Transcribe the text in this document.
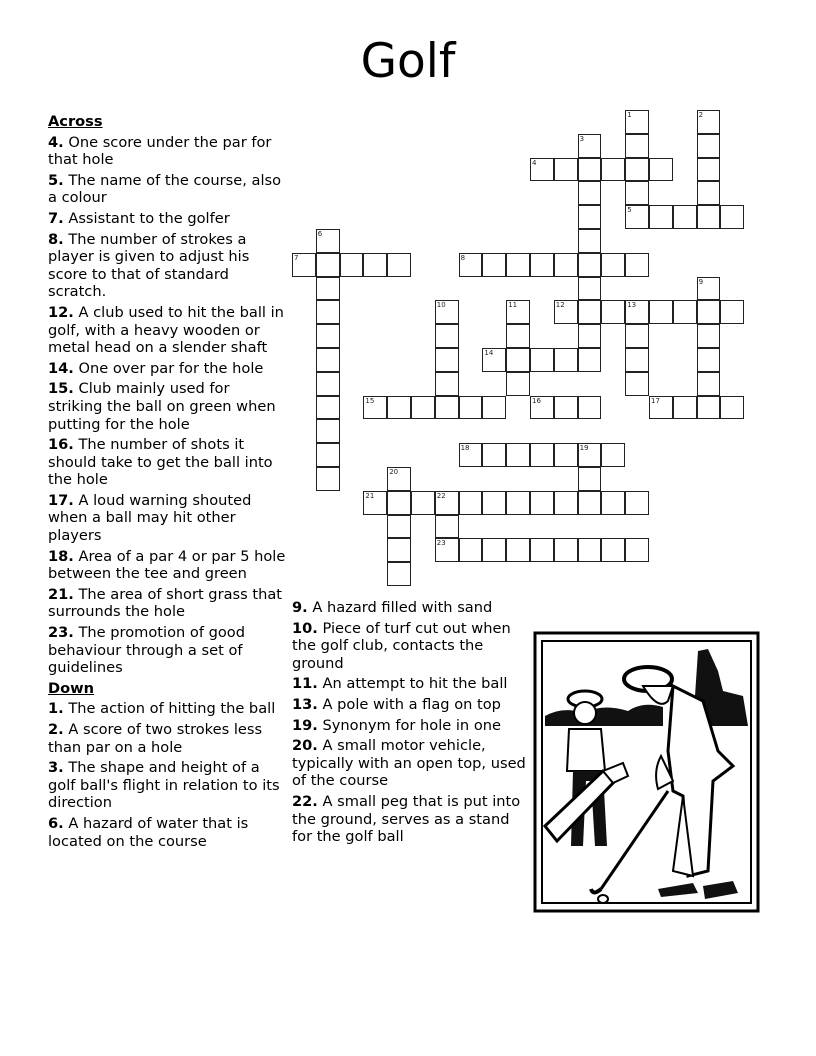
Golf
Across
4. One score under the par for that hole
5. The name of the course, also a colour
7. Assistant to the golfer
8. The number of strokes a player is given to adjust his score to that of standard scratch.
12. A club used to hit the ball in golf, with a heavy wooden or metal head on a slender shaft
14. One over par for the hole
15. Club mainly used for striking the ball on green when putting for the hole
16. The number of shots it should take to get the ball into the hole
17. A loud warning shouted when a ball may hit other players
18. Area of a par 4 or par 5 hole between the tee and green
21. The area of short grass that surrounds the hole
23. The promotion of good behaviour through a set of guidelines
Down
1. The action of hitting the ball
2. A score of two strokes less than par on a hole
3. The shape and height of a golf ball's flight in relation to its direction
6. A hazard of water that is located on the course
9. A hazard filled with sand
10. Piece of turf cut out when the golf club, contacts the ground
11. An attempt to hit the ball
13. A pole with a flag on top
19. Synonym for hole in one
20. A small motor vehicle, typically with an open top, used of the course
22. A small peg that is put into the ground, serves as a stand for the golf ball
1
5
2
3
4
6
7	8
9
10	11	12	13
14
15	16	17
18	19
20
21	22
23
